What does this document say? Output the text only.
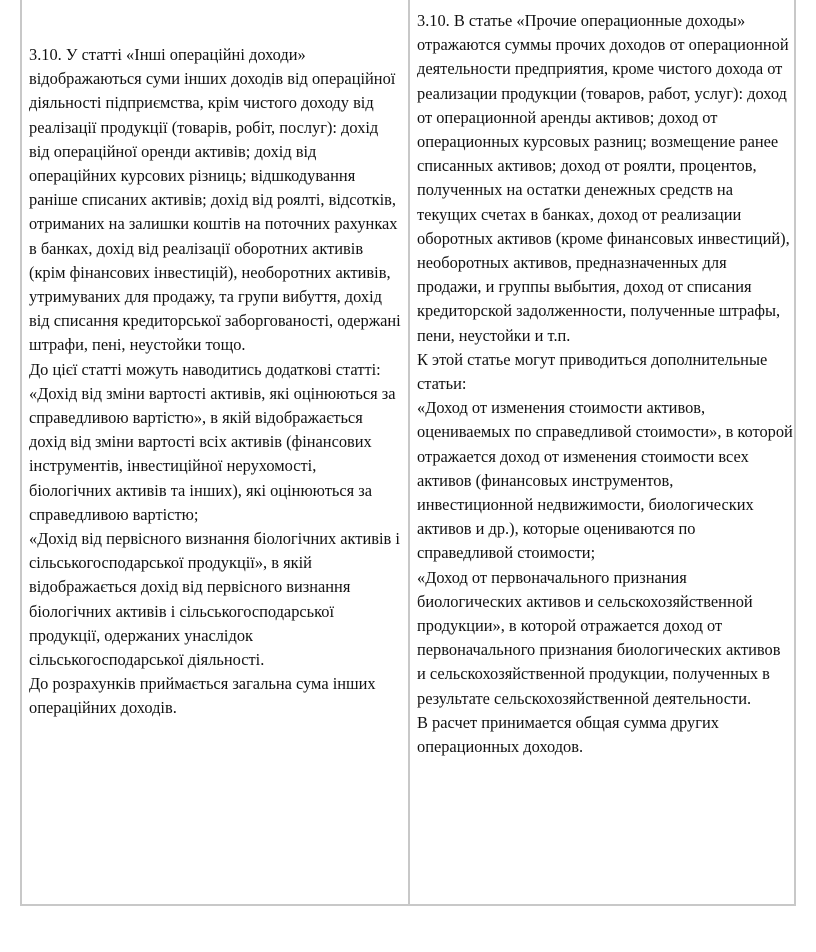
3.10. У статті «Інші операційні доходи» відображаються суми інших доходів від операційної діяльності підприємства, крім чистого доходу від реалізації продукції (товарів, робіт, послуг): дохід від операційної оренди активів; дохід від операційних курсових різниць; відшкодування раніше списаних активів; дохід від роялті, відсотків, отриманих на залишки коштів на поточних рахунках в банках, дохід від реалізації оборотних активів (крім фінансових інвестицій), необоротних активів, утримуваних для продажу, та групи вибуття, дохід від списання кредиторської заборгованості, одержані штрафи, пені, неустойки тощо.

До цієї статті можуть наводитись додаткові статті:

«Дохід від зміни вартості активів, які оцінюються за справедливою вартістю», в якій відображається дохід від зміни вартості всіх активів (фінансових інструментів, інвестиційної нерухомості, біологічних активів та інших), які оцінюються за справедливою вартістю;

«Дохід від первісного визнання біологічних активів і сільськогосподарської продукції», в якій відображається дохід від первісного визнання біологічних активів і сільськогосподарської продукції, одержаних унаслідок сільськогосподарської діяльності.

До розрахунків приймається загальна сума інших операційних доходів.

3.10. В статье «Прочие операционные доходы» отражаются суммы прочих доходов от операционной деятельности предприятия, кроме чистого дохода от реализации продукции (товаров, работ, услуг): доход от операционной аренды активов; доход от операционных курсовых разниц; возмещение ранее списанных активов; доход от роялти, процентов, полученных на остатки денежных средств на текущих счетах в банках, доход от реализации оборотных активов (кроме финансовых инвестиций), необоротных активов, предназначенных для продажи, и группы выбытия, доход от списания кредиторской задолженности, полученные штрафы, пени, неустойки и т.п.

К этой статье могут приводиться дополнительные статьи:

«Доход от изменения стоимости активов, оцениваемых по справедливой стоимости», в которой отражается доход от изменения стоимости всех активов (финансовых инструментов, инвестиционной недвижимости, биологических активов и др.), которые оцениваются по справедливой стоимости;

«Доход от первоначального признания биологических активов и сельскохозяйственной продукции», в которой отражается доход от первоначального признания биологических активов и сельскохозяйственной продукции, полученных в результате сельскохозяйственной деятельности.

В расчет принимается общая сумма других операционных доходов.
